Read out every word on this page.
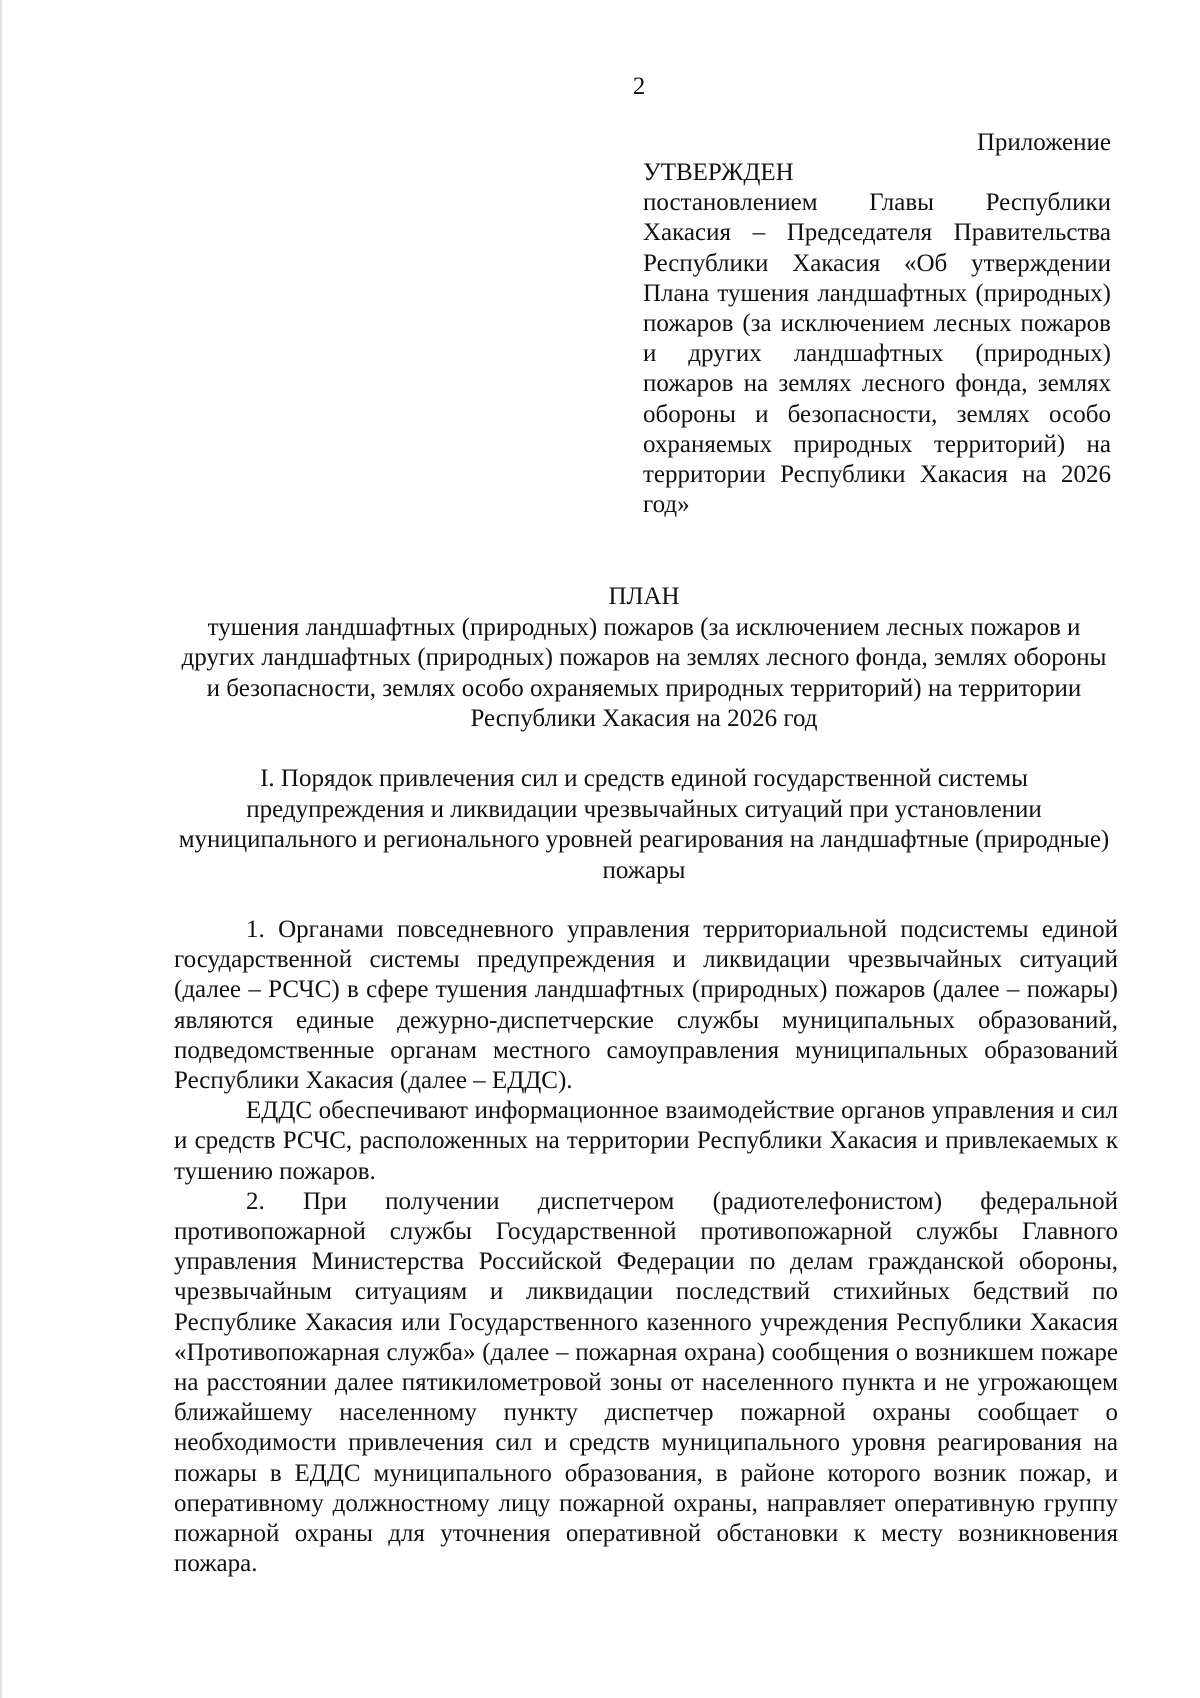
2
Приложение

УТВЕРЖДЕН

постановлением Главы Республики Хакасия – Председателя Правительства Республики Хакасия «Об утверждении Плана тушения ландшафтных (природных) пожаров (за исключением лесных пожаров и других ландшафтных (природных) пожаров на землях лесного фонда, землях обороны и безопасности, землях особо охраняемых природных территорий) на территории Республики Хакасия на 2026 год»

ПЛАН

тушения ландшафтных (природных) пожаров (за исключением лесных пожаров и других ландшафтных (природных) пожаров на землях лесного фонда, землях обороны и безопасности, землях особо охраняемых природных территорий) на территории Республики Хакасия на 2026 год

I. Порядок привлечения сил и средств единой государственной системы предупреждения и ликвидации чрезвычайных ситуаций при установлении муниципального и регионального уровней реагирования на ландшафтные (природные) пожары

1. Органами повседневного управления территориальной подсистемы единой государственной системы предупреждения и ликвидации чрезвычайных ситуаций (далее – РСЧС) в сфере тушения ландшафтных (природных) пожаров (далее – пожары) являются единые дежурно-диспетчерские службы муниципальных образований, подведомственные органам местного самоуправления муниципальных образований Республики Хакасия (далее – ЕДДС).

ЕДДС обеспечивают информационное взаимодействие органов управления и сил и средств РСЧС, расположенных на территории Республики Хакасия и привлекаемых к тушению пожаров.

2. При получении диспетчером (радиотелефонистом) федеральной противопожарной службы Государственной противопожарной службы Главного управления Министерства Российской Федерации по делам гражданской обороны, чрезвычайным ситуациям и ликвидации последствий стихийных бедствий по Республике Хакасия или Государственного казенного учреждения Республики Хакасия «Противопожарная служба» (далее – пожарная охрана) сообщения о возникшем пожаре на расстоянии далее пятикилометровой зоны от населенного пункта и не угрожающем ближайшему населенному пункту диспетчер пожарной охраны сообщает о необходимости привлечения сил и средств муниципального уровня реагирования на пожары в ЕДДС муниципального образования, в районе которого возник пожар, и оперативному должностному лицу пожарной охраны, направляет оперативную группу пожарной охраны для уточнения оперативной обстановки к месту возникновения пожара.
